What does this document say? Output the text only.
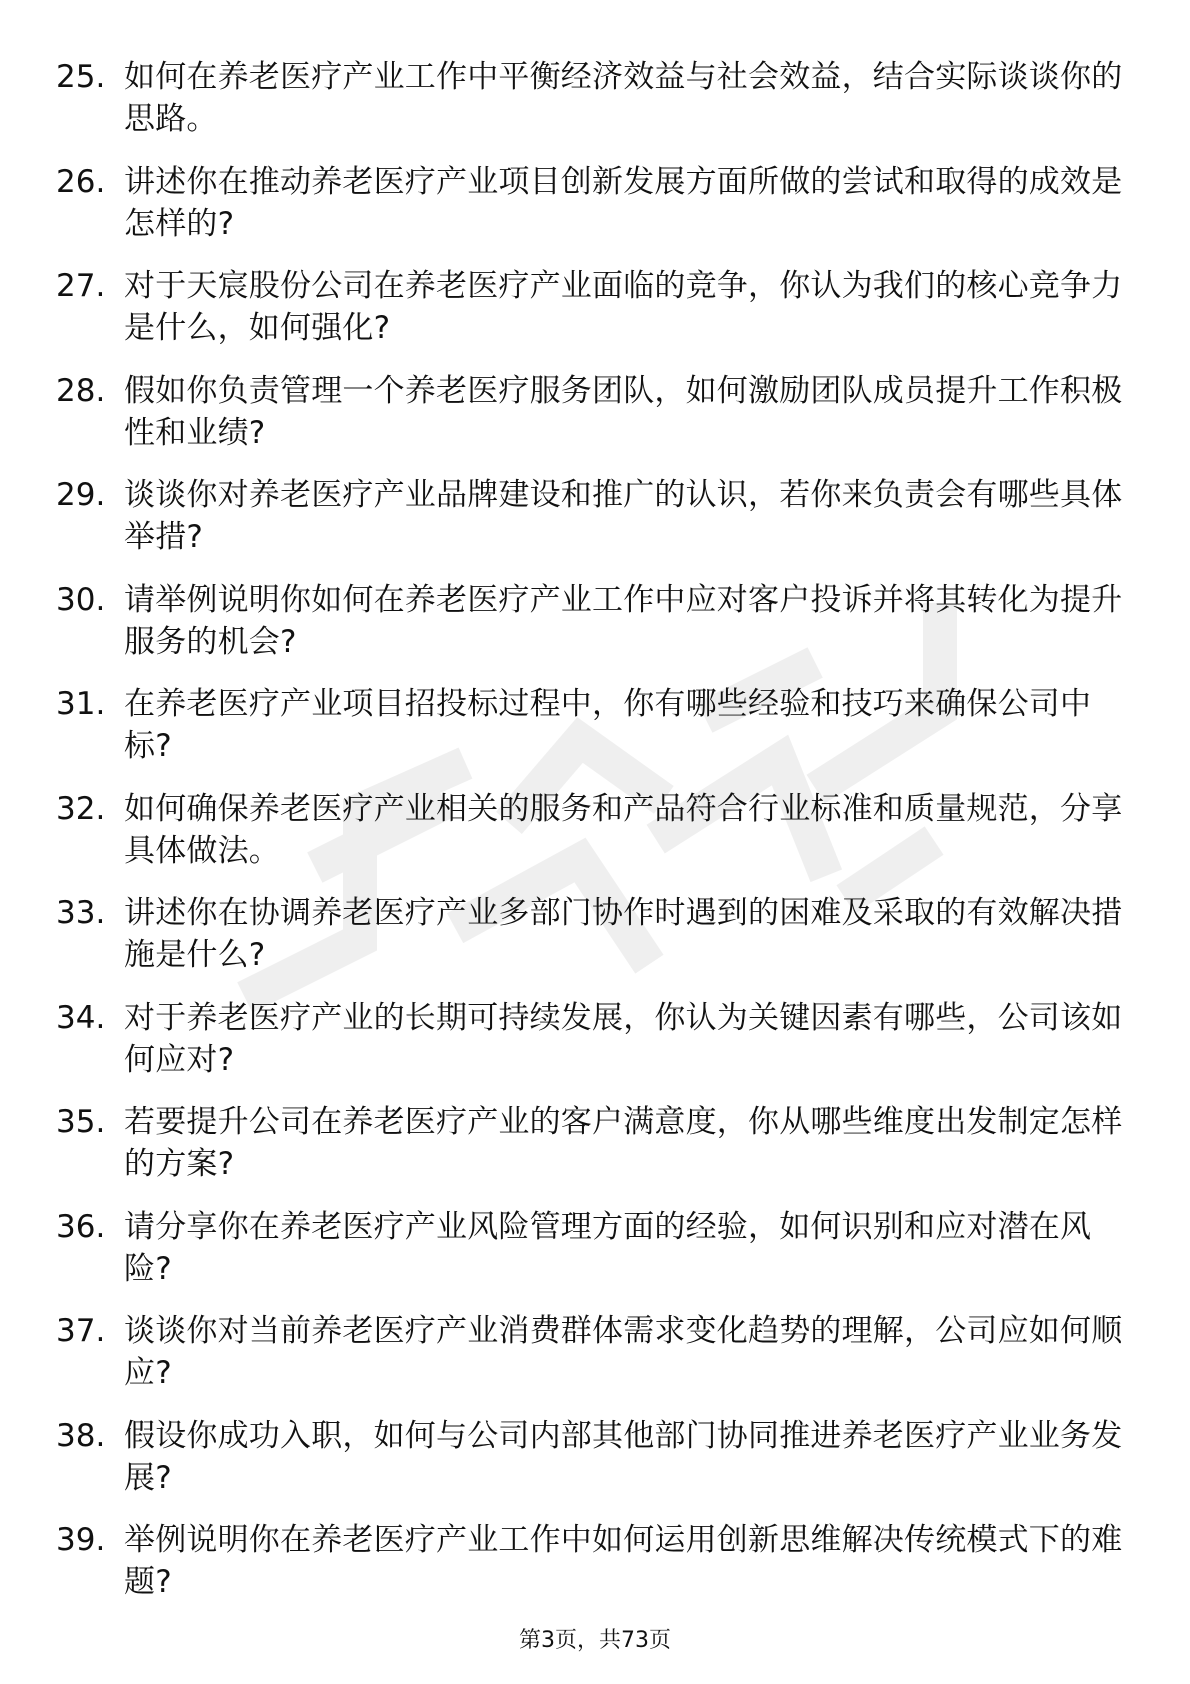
25. 如何在养老医疗产业工作中平衡经济效益与社会效益，结合实际谈谈你的思路。
26. 讲述你在推动养老医疗产业项目创新发展方面所做的尝试和取得的成效是怎样的?
27. 对于天宸股份公司在养老医疗产业面临的竞争，你认为我们的核心竞争力是什么，如何强化?
28. 假如你负责管理一个养老医疗服务团队，如何激励团队成员提升工作积极性和业绩?
29. 谈谈你对养老医疗产业品牌建设和推广的认识，若你来负责会有哪些具体举措?
30. 请举例说明你如何在养老医疗产业工作中应对客户投诉并将其转化为提升服务的机会?
31. 在养老医疗产业项目招投标过程中，你有哪些经验和技巧来确保公司中标?
32. 如何确保养老医疗产业相关的服务和产品符合行业标准和质量规范，分享具体做法。
33. 讲述你在协调养老医疗产业多部门协作时遇到的困难及采取的有效解决措施是什么?
34. 对于养老医疗产业的长期可持续发展，你认为关键因素有哪些，公司该如何应对?
35. 若要提升公司在养老医疗产业的客户满意度，你从哪些维度出发制定怎样的方案?
36. 请分享你在养老医疗产业风险管理方面的经验，如何识别和应对潜在风险?
37. 谈谈你对当前养老医疗产业消费群体需求变化趋势的理解，公司应如何顺应?
38. 假设你成功入职，如何与公司内部其他部门协同推进养老医疗产业业务发展?
39. 举例说明你在养老医疗产业工作中如何运用创新思维解决传统模式下的难题?
第3页，共73页
